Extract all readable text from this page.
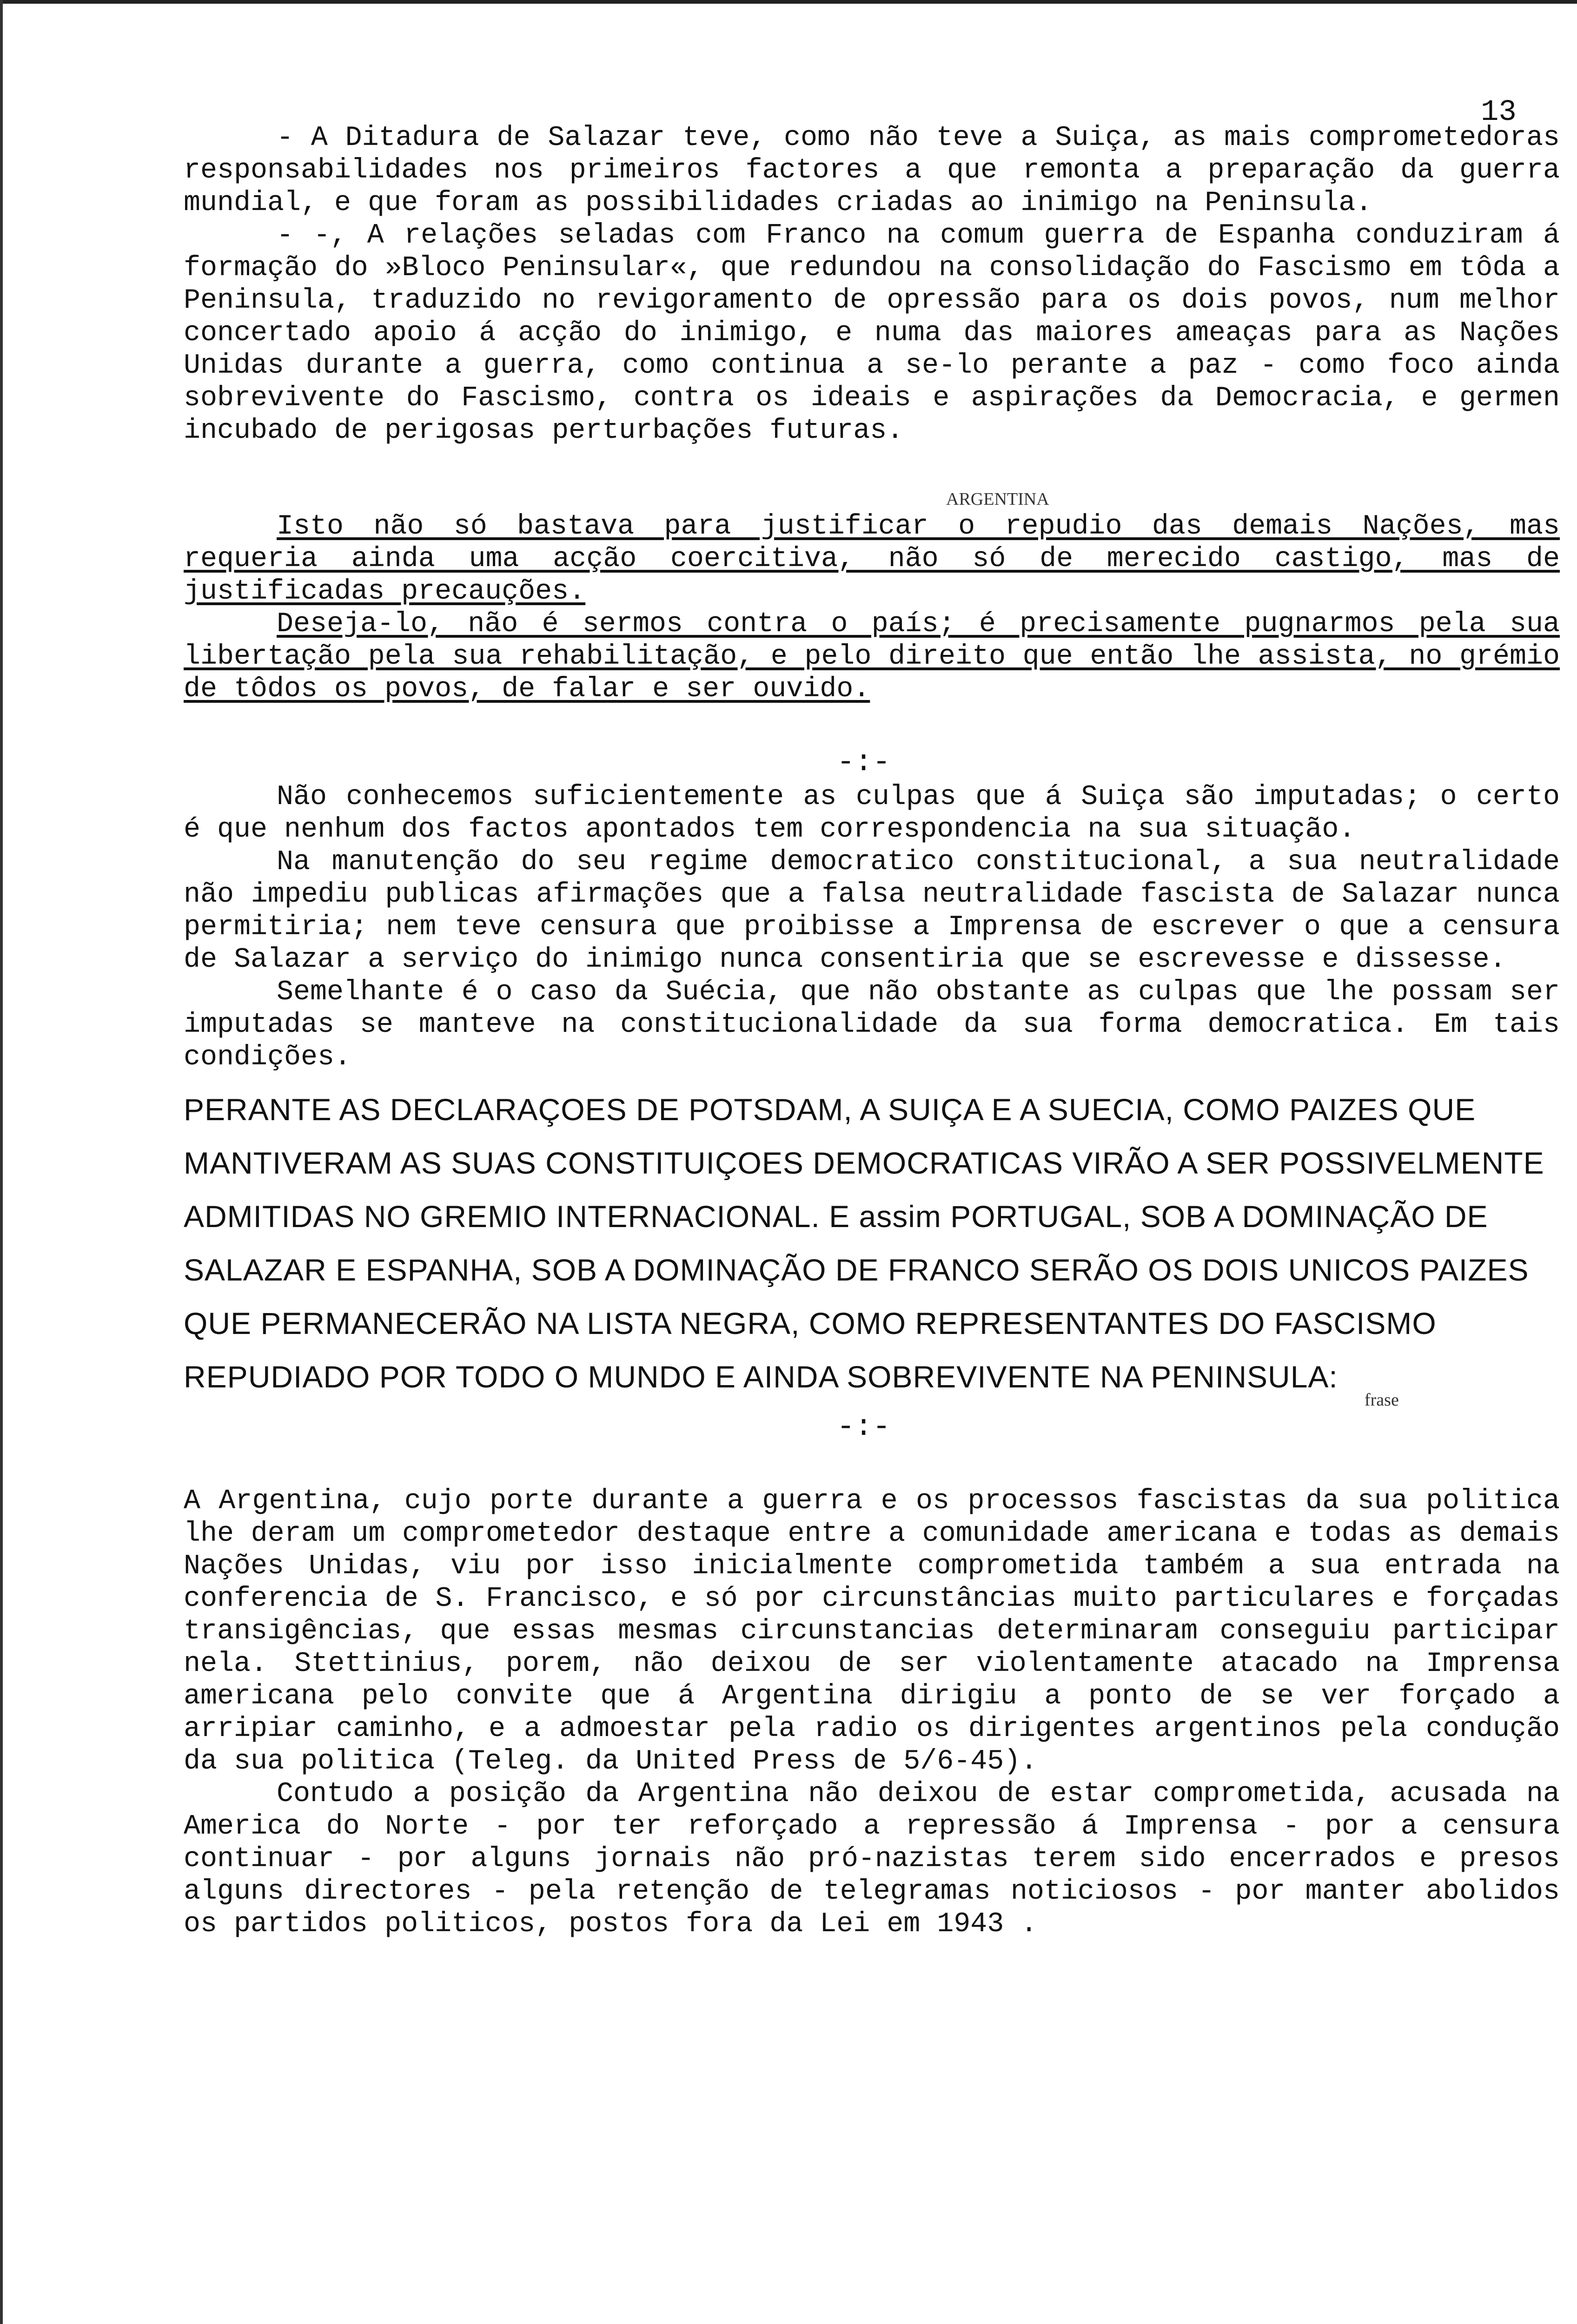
13

- A Ditadura de Salazar teve, como não teve a Suiça, as mais comprometedoras responsabilidades nos primeiros factores a que remonta a preparação da guerra mundial, e que foram as possibilidades criadas ao inimigo na Peninsula.

- -, A relações seladas com Franco na comum guerra de Espanha conduziram á formação do »Bloco Peninsular«, que redundou na consolidação do Fascismo em tôda a Peninsula, traduzido no revigoramento de opressão para os dois povos, num melhor concertado apoio á acção do inimigo, e numa das maiores ameaças para as Nações Unidas durante a guerra, como continua a se-lo perante a paz - como foco ainda sobrevivente do Fascismo, contra os ideais e aspirações da Democracia, e germen incubado de perigosas perturbações futuras.

ARGENTINA

Isto não só bastava para justificar o repudio das demais Nações, mas requeria ainda uma acção coercitiva, não só de merecido castigo, mas de justificadas precauções.

Deseja-lo, não é sermos contra o país; é precisamente pugnarmos pela sua libertação pela sua rehabilitação, e pelo direito que então lhe assista, no grémio de tôdos os povos, de falar e ser ouvido.

-:-

Não conhecemos suficientemente as culpas que á Suiça são imputadas; o certo é que nenhum dos factos apontados tem correspondencia na sua situação.

Na manutenção do seu regime democratico constitucional, a sua neutralidade não impediu publicas afirmações que a falsa neutralidade fascista de Salazar nunca permitiria; nem teve censura que proibisse a Imprensa de escrever o que a censura de Salazar a serviço do inimigo nunca consentiria que se escrevesse e dissesse.

Semelhante é o caso da Suécia, que não obstante as culpas que lhe possam ser imputadas se manteve na constitucionalidade da sua forma democratica. Em tais condições.

PERANTE AS DECLARAÇOES DE POTSDAM, A SUIÇA E A SUECIA, COMO PAIZES QUE MANTIVERAM AS SUAS CONSTITUIÇOES DEMOCRATICAS VIRÃO A SER POSSIVELMENTE ADMITIDAS NO GREMIO INTERNACIONAL. E assim PORTUGAL, SOB A DOMINAÇÃO DE SALAZAR E ESPANHA, SOB A DOMINAÇÃO DE FRANCO SERÃO OS DOIS UNICOS PAIZES QUE PERMANECERÃO NA LISTA NEGRA, COMO REPRESENTANTES DO FASCISMO REPUDIADO POR TODO O MUNDO E AINDA SOBREVIVENTE NA PENINSULA:
frase
-:-

A Argentina, cujo porte durante a guerra e os processos fascistas da sua politica lhe deram um comprometedor destaque entre a comunidade americana e todas as demais Nações Unidas, viu por isso inicialmente comprometida também a sua entrada na conferencia de S. Francisco, e só por circunstâncias muito particulares e forçadas transigências, que essas mesmas circunstancias determinaram conseguiu participar nela. Stettinius, porem, não deixou de ser violentamente atacado na Imprensa americana pelo convite que á Argentina dirigiu a ponto de se ver forçado a arripiar caminho, e a admoestar pela radio os dirigentes argentinos pela condução da sua politica (Teleg. da United Press de 5/6-45).

Contudo a posição da Argentina não deixou de estar comprometida, acusada na America do Norte - por ter reforçado a repressão á Imprensa - por a censura continuar - por alguns jornais não pró-nazistas terem sido encerrados e presos alguns directores - pela retenção de telegramas noticiosos - por manter abolidos os partidos politicos, postos fora da Lei em 1943 .
